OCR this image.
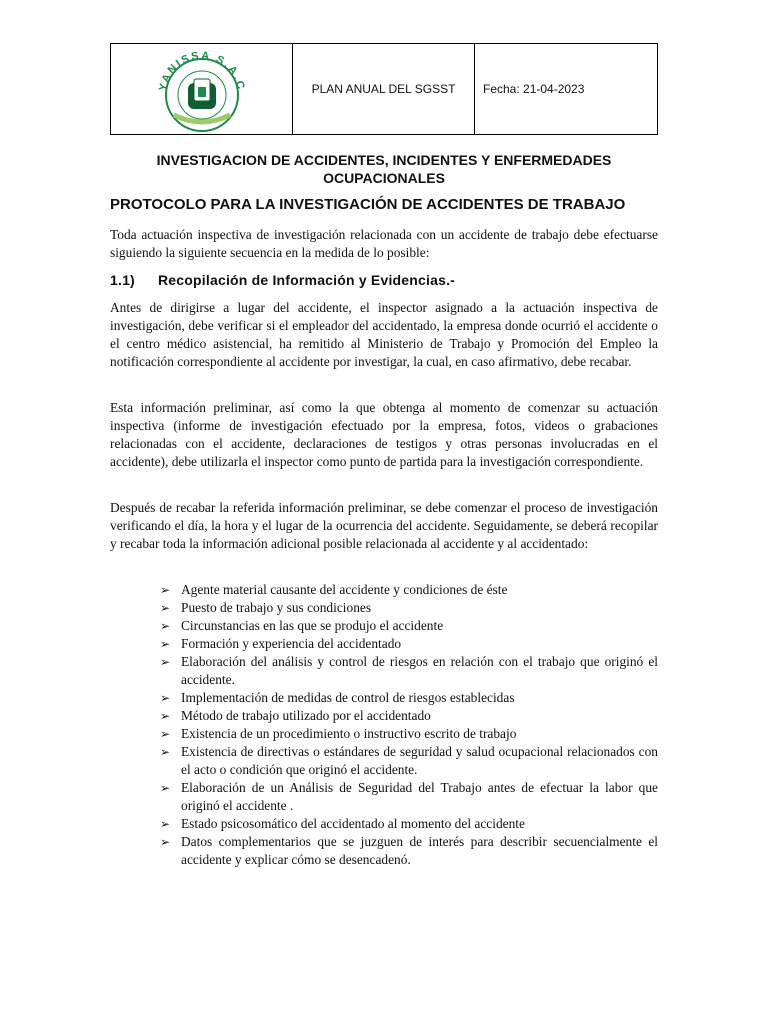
YANISSA S.A.C	PLAN ANUAL DEL SGSST Fecha: 21-04-2023
INVESTIGACION DE ACCIDENTES, INCIDENTES Y ENFERMEDADES
OCUPACIONALES
PROTOCOLO PARA LA INVESTIGACIÓN DE ACCIDENTES DE TRABAJO

Toda actuación inspectiva de investigación relacionada con un accidente de trabajo debe efectuarse siguiendo la siguiente secuencia en la medida de lo posible:

1.1) Recopilación de Información y Evidencias.-

Antes de dirigirse a lugar del accidente, el inspector asignado a la actuación inspectiva de investigación, debe verificar si el empleador del accidentado, la empresa donde ocurrió el accidente o el centro médico asistencial, ha remitido al Ministerio de Trabajo y Promoción del Empleo la notificación correspondiente al accidente por investigar, la cual, en caso afirmativo, debe recabar.

Esta información preliminar, así como la que obtenga al momento de comenzar su actuación inspectiva (informe de investigación efectuado por la empresa, fotos, videos o grabaciones relacionadas con el accidente, declaraciones de testigos y otras personas involucradas en el accidente), debe utilizarla el inspector como punto de partida para la investigación correspondiente.

Después de recabar la referida información preliminar, se debe comenzar el proceso de investigación verificando el día, la hora y el lugar de la ocurrencia del accidente. Seguidamente, se deberá recopilar y recabar toda la información adicional posible relacionada al accidente y al accidentado:

➢ Agente material causante del accidente y condiciones de éste
➢ Puesto de trabajo y sus condiciones
➢ Circunstancias en las que se produjo el accidente
➢ Formación y experiencia del accidentado
➢ Elaboración del análisis y control de riesgos en relación con el trabajo que originó el accidente.
➢ Implementación de medidas de control de riesgos establecidas
➢ Método de trabajo utilizado por el accidentado
➢ Existencia de un procedimiento o instructivo escrito de trabajo
➢ Existencia de directivas o estándares de seguridad y salud ocupacional relacionados con el acto o condición que originó el accidente.
➢ Elaboración de un Análisis de Seguridad del Trabajo antes de efectuar la labor que originó el accidente .
➢ Estado psicosomático del accidentado al momento del accidente
➢ Datos complementarios que se juzguen de interés para describir secuencialmente el accidente y explicar cómo se desencadenó.
